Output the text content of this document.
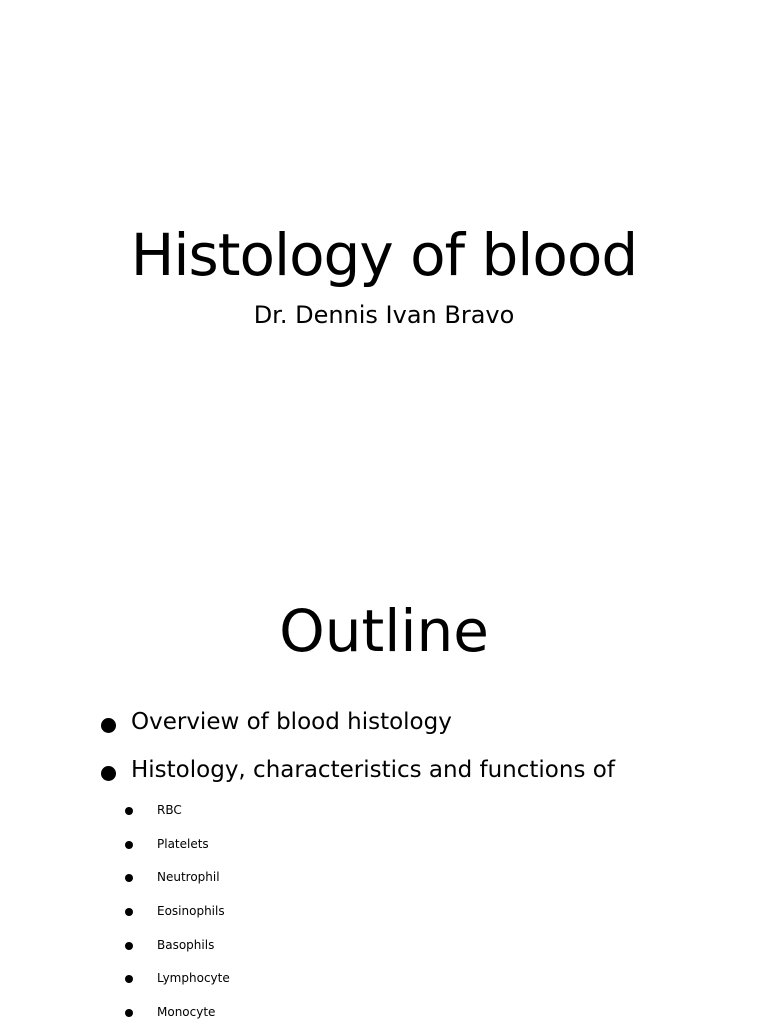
Histology of blood
Dr. Dennis Ivan Bravo
Outline
Overview of blood histology
Histology, characteristics and functions of
RBC
Platelets
Neutrophil
Eosinophils
Basophils
Lymphocyte
Monocyte
